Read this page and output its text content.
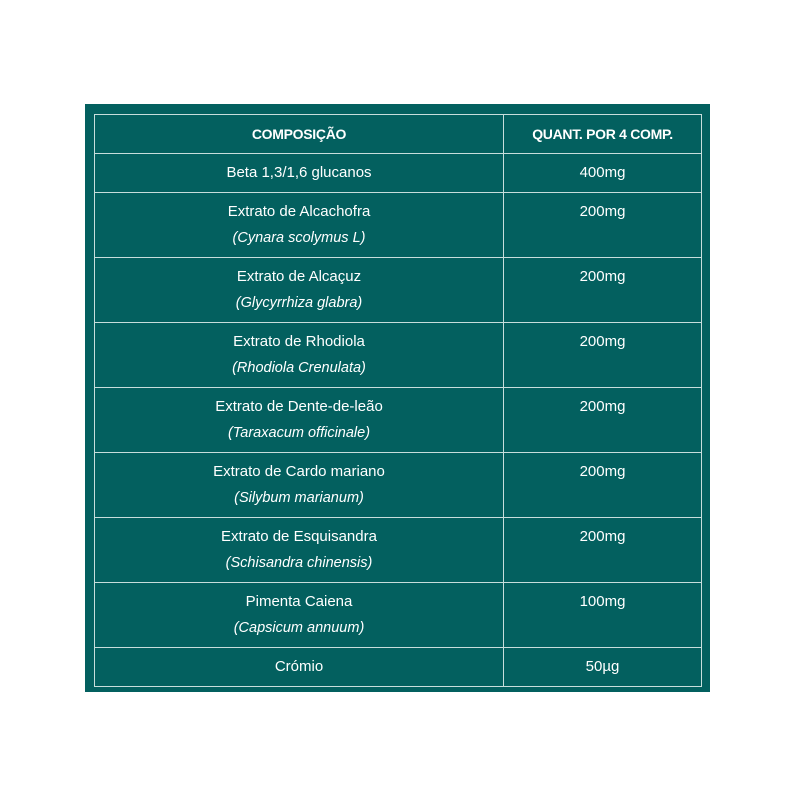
COMPOSIÇÃO	QUANT. POR 4 COMP.

Beta 1,3/1,6 glucanos	400mg

Extrato de Alcachofra
(Cynara scolymus L)	200mg

Extrato de Alcaçuz
(Glycyrrhiza glabra)	200mg

Extrato de Rhodiola
(Rhodiola Crenulata)	200mg

Extrato de Dente-de-leão
(Taraxacum officinale)	200mg

Extrato de Cardo mariano
(Silybum marianum)	200mg

Extrato de Esquisandra
(Schisandra chinensis)	200mg

Pimenta Caiena
(Capsicum annuum)	100mg

Crómio	50µg
